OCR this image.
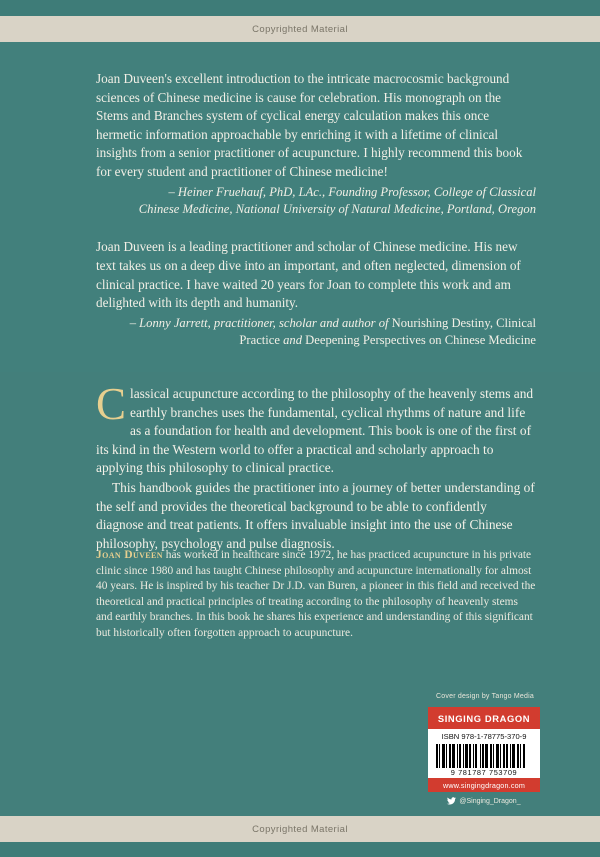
Copyrighted Material

Joan Duveen's excellent introduction to the intricate macrocosmic background sciences of Chinese medicine is cause for celebration. His monograph on the Stems and Branches system of cyclical energy calculation makes this once hermetic information approachable by enriching it with a lifetime of clinical insights from a senior practitioner of acupuncture. I highly recommend this book for every student and practitioner of Chinese medicine!

– Heiner Fruehauf, PhD, LAc., Founding Professor, College of Classical Chinese Medicine, National University of Natural Medicine, Portland, Oregon

Joan Duveen is a leading practitioner and scholar of Chinese medicine. His new text takes us on a deep dive into an important, and often neglected, dimension of clinical practice. I have waited 20 years for Joan to complete this work and am delighted with its depth and humanity.

– Lonny Jarrett, practitioner, scholar and author of Nourishing Destiny, Clinical Practice and Deepening Perspectives on Chinese Medicine

Classical acupuncture according to the philosophy of the heavenly stems and earthly branches uses the fundamental, cyclical rhythms of nature and life as a foundation for health and development. This book is one of the first of its kind in the Western world to offer a practical and scholarly approach to applying this philosophy to clinical practice.

This handbook guides the practitioner into a journey of better understanding of the self and provides the theoretical background to be able to confidently diagnose and treat patients. It offers invaluable insight into the use of Chinese philosophy, psychology and pulse diagnosis.

Joan Duveen has worked in healthcare since 1972, he has practiced acupuncture in his private clinic since 1980 and has taught Chinese philosophy and acupuncture internationally for almost 40 years. He is inspired by his teacher Dr J.D. van Buren, a pioneer in this field and received the theoretical and practical principles of treating according to the philosophy of heavenly stems and earthly branches. In this book he shares his experience and understanding of this significant but historically often forgotten approach to acupuncture.
Cover design by Tango Media
SINGING DRAGON
ISBN 978-1-78775-370-9
9 781787 753709
www.singingdragon.com
@Singing_Dragon_
Copyrighted Material
